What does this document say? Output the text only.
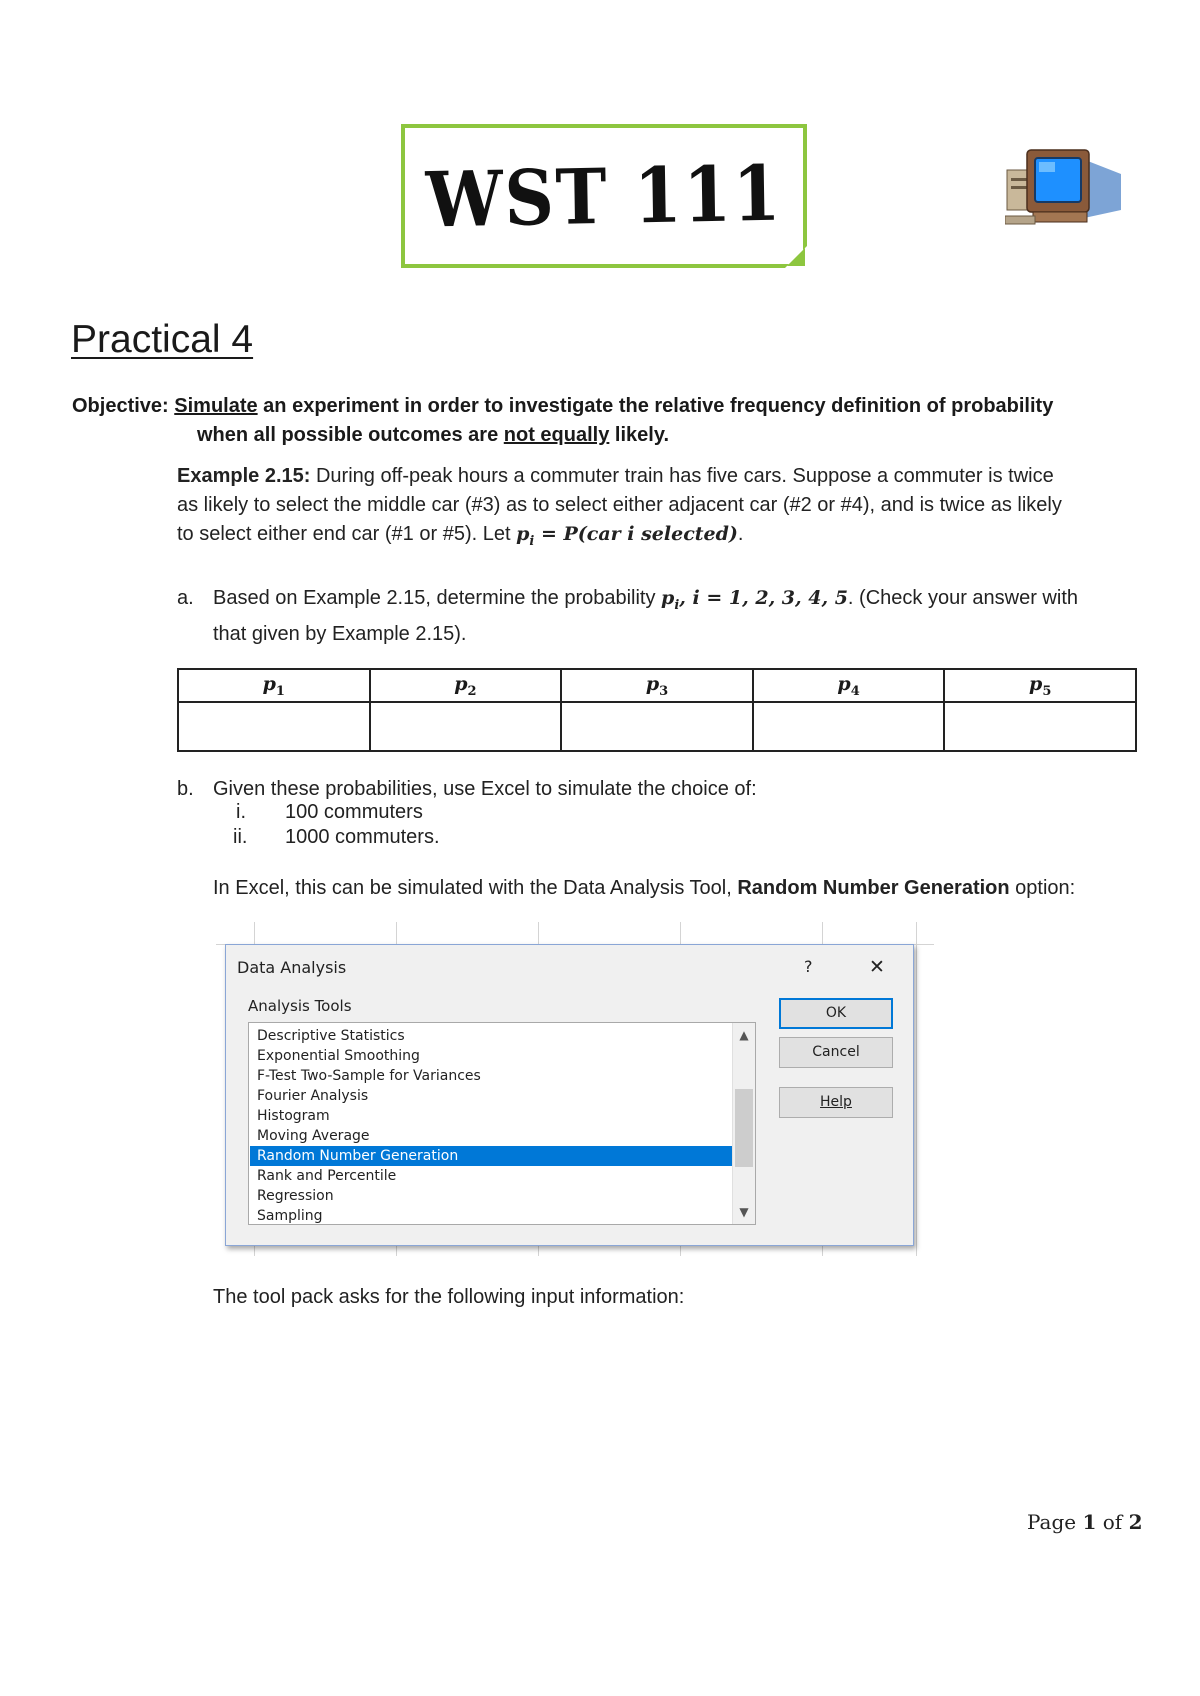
WST 111
Practical 4
Objective: Simulate an experiment in order to investigate the relative frequency definition of probability
when all possible outcomes are not equally likely.
Example 2.15: During off-peak hours a commuter train has five cars. Suppose a commuter is twice
as likely to select the middle car (#3) as to select either adjacent car (#2 or #4), and is twice as likely
to select either end car (#1 or #5). Let $p_i = P(car$ i selected).
a. Based on Example 2.15, determine the probability $p_i$, i = 1, 2, 3, 4, 5. (Check your answer with
that given by Example 2.15).
$p_1$	$p_2$	$p_3$	$p_4$	$p_5$

b. Given these probabilities, use Excel to simulate the choice of:
i.
ii.
100 commuters
1000 commuters.
In Excel, this can be simulated with the Data Analysis Tool, Random Number Generation option:
Data Analysis	?	✕
Analysis Tools
Descriptive Statistics
Exponential Smoothing
F-Test Two-Sample for Variances
Fourier Analysis
Histogram
Moving Average
Random Number Generation
Rank and Percentile
Regression
Sampling
▲
▼
OK
Cancel
Help
The tool pack asks for the following input information:
Page 1 of 2
